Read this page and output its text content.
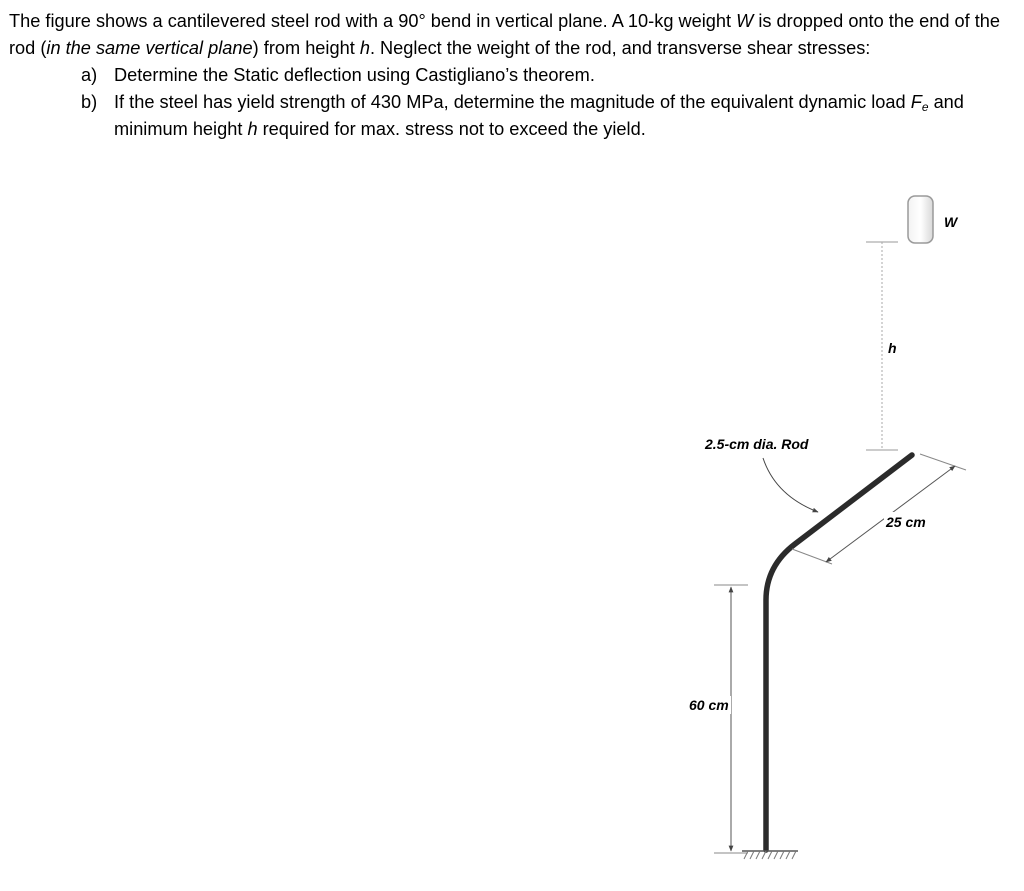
The figure shows a cantilevered steel rod with a 90° bend in vertical plane. A 10-kg weight W is dropped onto the end of the rod (in the same vertical plane) from height h. Neglect the weight of the rod, and transverse shear stresses:

a) Determine the Static deflection using Castigliano’s theorem.
b) If the steel has yield strength of 430 MPa, determine the magnitude of the equivalent dynamic load $F_e$ and minimum height h required for max. stress not to exceed the yield.
W
h
2.5-cm dia. Rod
25 cm
60 cm
